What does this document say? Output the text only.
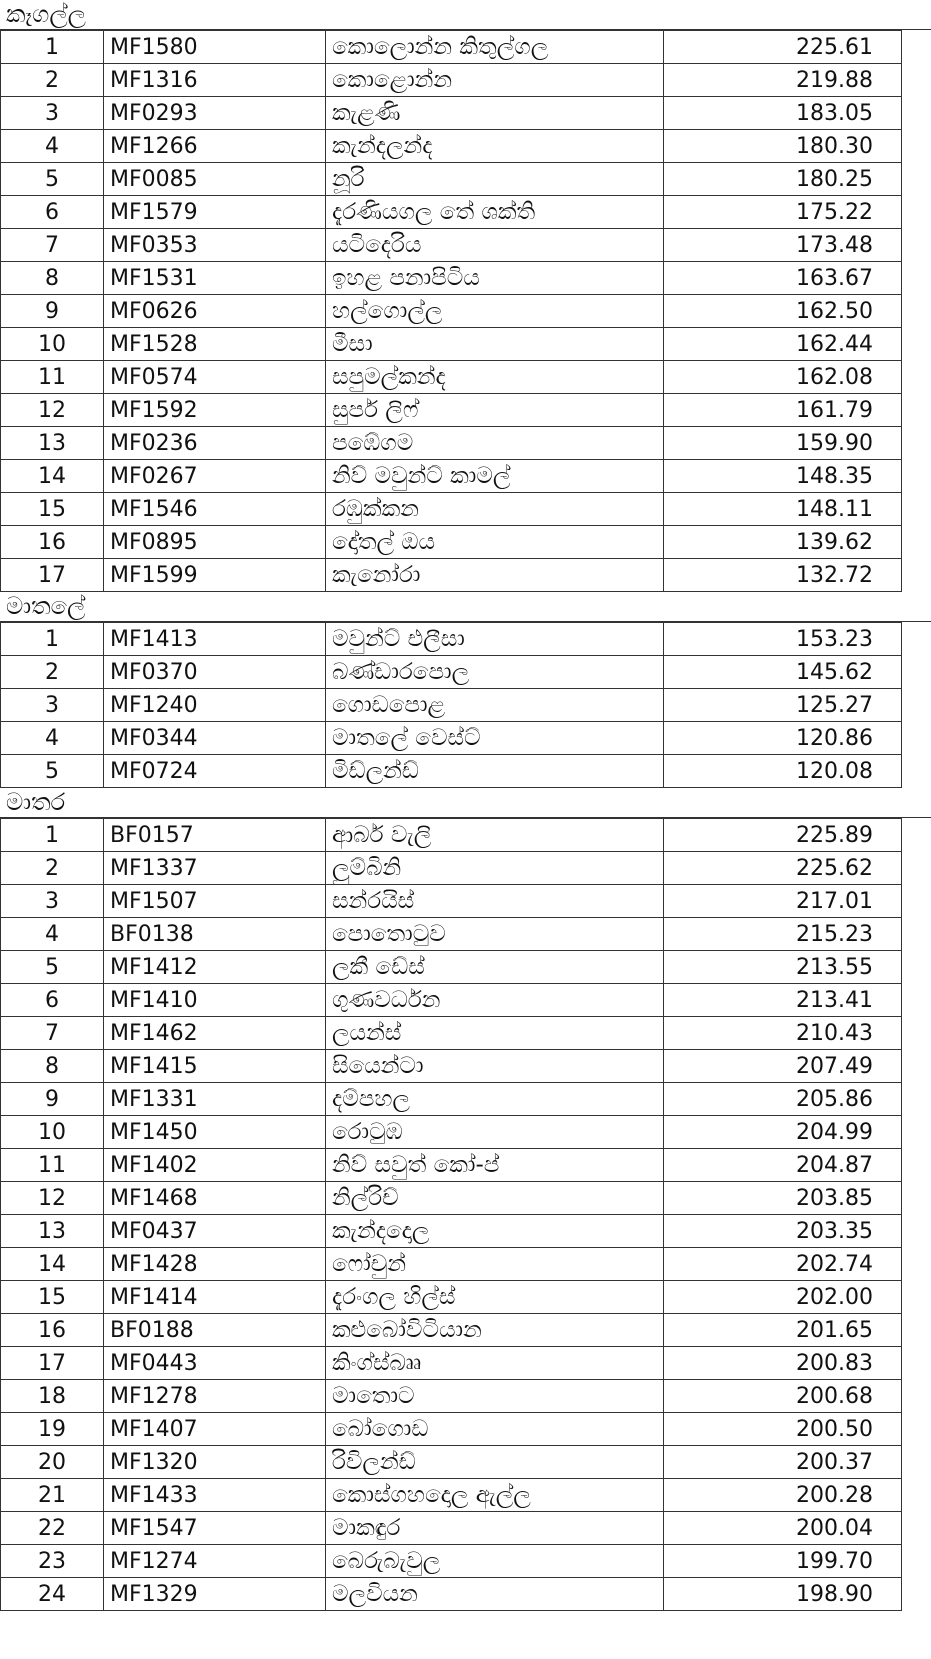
කෑගල්ල
1	MF1580	කොලොන්න කිතුල්ගල	225.61
2	MF1316	කොළොන්න	219.88
3	MF0293	කැළණි	183.05
4	MF1266	කැන්දලන්ද	180.30
5	MF0085	නූරි	180.25
6	MF1579	දැරණියගල තේ ශක්ති	175.22
7	MF0353	යටිදෙරිය	173.48
8	MF1531	ඉහළ පනාපිටිය	163.67
9	MF0626	හල්ගොල්ල	162.50
10	MF1528	මීසා	162.44
11	MF0574	සපුමල්කන්ද	162.08
12	MF1592	සුපර් ලිෆ්	161.79
13	MF0236	පඹේගම	159.90
14	MF0267	නිව් මවුන්ට් කාමල්	148.35
15	MF1546	රඹුක්කන	148.11
16	MF0895	දෝතල් ඔය	139.62
17	MF1599	කැනෝරා	132.72
මාතලේ
1	MF1413	මවුන්ට් එලීසා	153.23
2	MF0370	බණ්ඩාරපොල	145.62
3	MF1240	ගොඩපොළ	125.27
4	MF0344	මාතලේ වෙස්ට්	120.86
5	MF0724	මිඩ්ලන්ඩ්	120.08
මාතර
1	BF0157	ආබර් වැලි	225.89
2	MF1337	ලුම්බිනි	225.62
3	MF1507	සන්රයිස්	217.01
4	BF0138	පොතොටුව	215.23
5	MF1412	ලකී ඩේස්	213.55
6	MF1410	ගුණවර්ධන	213.41
7	MF1462	ලයන්ස්	210.43
8	MF1415	සියෙන්ටා	207.49
9	MF1331	දම්පහල	205.86
10	MF1450	රොටුඹ	204.99
11	MF1402	නිව් සවුත් කෝ-ප්	204.87
12	MF1468	නිල්රිච්	203.85
13	MF0437	කැන්දදොල	203.35
14	MF1428	ෆෝචුන්	202.74
15	MF1414	දැරංගල හිල්ස්	202.00
16	BF0188	කළුබෝවිටියාන	201.65
17	MF0443	කිංග්ස්බෲ	200.83
18	MF1278	මාතොට	200.68
19	MF1407	බෝගොඩ	200.50
20	MF1320	රිවිලන්ඩ්	200.37
21	MF1433	කොස්ගහදොල ඇල්ල	200.28
22	MF1547	මාකඳුර	200.04
23	MF1274	බෙරුබැවුල	199.70
24	MF1329	මලවියන	198.90
